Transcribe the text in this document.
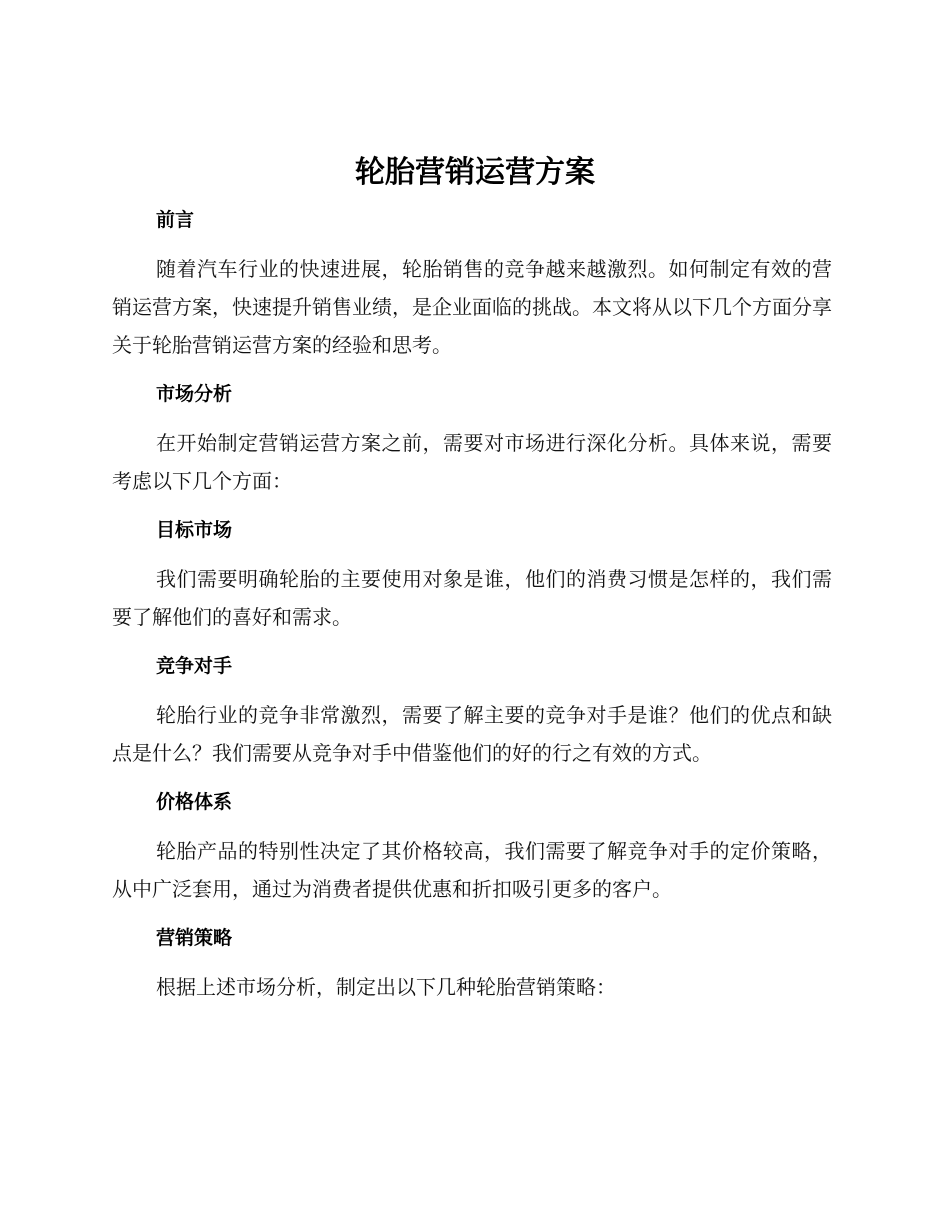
轮胎营销运营方案
前言

随着汽车行业的快速进展，轮胎销售的竞争越来越激烈。如何制定有效的营销运营方案，快速提升销售业绩，是企业面临的挑战。本文将从以下几个方面分享关于轮胎营销运营方案的经验和思考。

市场分析

在开始制定营销运营方案之前，需要对市场进行深化分析。具体来说，需要考虑以下几个方面：

目标市场

我们需要明确轮胎的主要使用对象是谁，他们的消费习惯是怎样的，我们需要了解他们的喜好和需求。

竞争对手

轮胎行业的竞争非常激烈，需要了解主要的竞争对手是谁？他们的优点和缺点是什么？我们需要从竞争对手中借鉴他们的好的行之有效的方式。

价格体系

轮胎产品的特别性决定了其价格较高，我们需要了解竞争对手的定价策略，从中广泛套用，通过为消费者提供优惠和折扣吸引更多的客户。

营销策略

根据上述市场分析，制定出以下几种轮胎营销策略：
